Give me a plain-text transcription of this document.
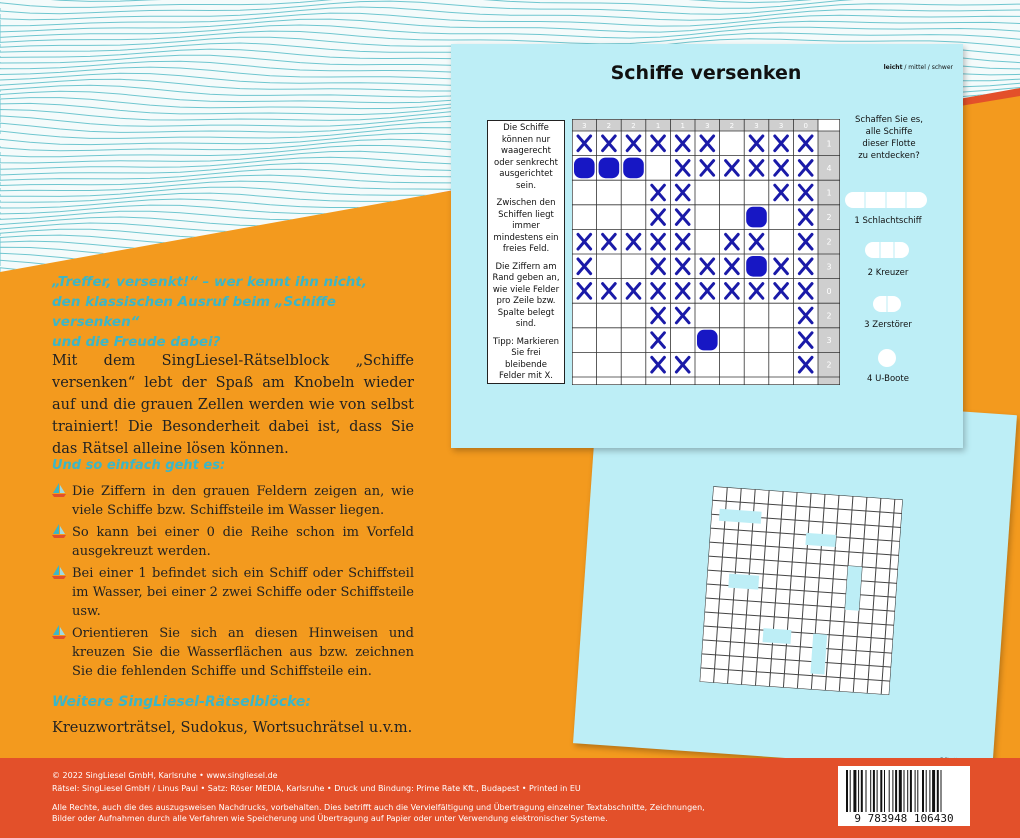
„Treffer, versenkt!“ – wer kennt ihn nicht,
den klassischen Ausruf beim „Schiffe versenken“
und die Freude dabei?
Mit dem SingLiesel-Rätselblock „Schiffe versenken“ lebt der Spaß am Knobeln wieder auf und die grauen Zellen werden wie von selbst trainiert! Die Besonderheit dabei ist, dass Sie das Rätsel alleine lösen können.
Und so einfach geht es:
Die Ziffern in den grauen Feldern zeigen an, wie viele Schiffe bzw. Schiffsteile im Wasser liegen.
So kann bei einer 0 die Reihe schon im Vorfeld ausgekreuzt werden.
Bei einer 1 befindet sich ein Schiff oder Schiffsteil im Wasser, bei einer 2 zwei Schiffe oder Schiffsteile usw.
Orientieren Sie sich an diesen Hinweisen und kreuzen Sie die Wasserflächen aus bzw. zeichnen Sie die fehlenden Schiffe und Schiffsteile ein.
Weitere SingLiesel-Rätselblöcke:
Kreuzworträtsel, Sudokus, Wortsuchrätsel u.v.m.
Schiffe versenken	leicht / mittel / schwer

Die Schiffe können nur waagerecht oder senkrecht ausgerichtet sein.

Zwischen den Schiffen liegt immer mindestens ein freies Feld.

Die Ziffern am Rand geben an, wie viele Felder pro Zeile bzw. Spalte belegt sind.

Tipp: Markieren Sie frei bleibende Felder mit X.

Schaffen Sie es,

alle Schiffe

dieser Flotte

zu entdecken?

1 Schlachtschiff
2 Kreuzer
3 Zerstörer
4 U-Boote
3	2	2	1	1	3	2	3	3	0
1
4
1
2
2
3
0
2
3
2

© 2022 SingLiesel GmbH, Karlsruhe • www.singliesel.de

Rätsel: SingLiesel GmbH / Linus Paul • Satz: Röser MEDIA, Karlsruhe • Druck und Bindung: Prime Rate Kft., Budapest • Printed in EU

Alle Rechte, auch die des auszugsweisen Nachdrucks, vorbehalten. Dies betrifft auch die Vervielfältigung und Übertragung einzelner Textabschnitte, Zeichnungen,

Bilder oder Aufnahmen durch alle Verfahren wie Speicherung und Übertragung auf Papier oder unter Verwendung elektronischer Systeme.	9 783948 106430
